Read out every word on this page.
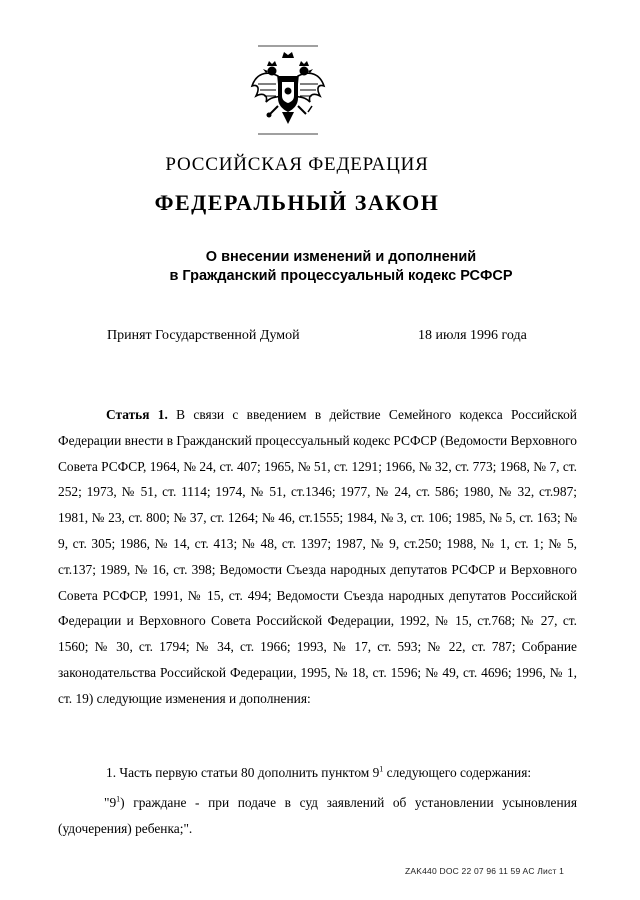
РОССИЙСКАЯ ФЕДЕРАЦИЯ
ФЕДЕРАЛЬНЫЙ ЗАКОН
О внесении изменений и дополнений
в Гражданский процессуальный кодекс РСФСР
Принят Государственной Думой	18 июля 1996 года
Статья 1. В связи с введением в действие Семейного кодекса Российской Федерации внести в Гражданский процессуальный кодекс РСФСР (Ведомости Верховного Совета РСФСР, 1964, № 24, ст. 407; 1965, № 51, ст. 1291; 1966, № 32, ст. 773; 1968, № 7, ст. 252; 1973, № 51, ст. 1114; 1974, № 51, ст.1346; 1977, № 24, ст. 586; 1980, № 32, ст.987; 1981, № 23, ст. 800; № 37, ст. 1264; № 46, ст.1555; 1984, № 3, ст. 106; 1985, № 5, ст. 163; № 9, ст. 305; 1986, № 14, ст. 413; № 48, ст. 1397; 1987, № 9, ст.250; 1988, № 1, ст. 1; № 5, ст.137; 1989, № 16, ст. 398; Ведомости Съезда народных депутатов РСФСР и Верховного Совета РСФСР, 1991, № 15, ст. 494; Ведомости Съезда народных депутатов Российской Федерации и Верховного Совета Российской Федерации, 1992, № 15, ст.768; № 27, ст. 1560; № 30, ст. 1794; № 34, ст. 1966; 1993, № 17, ст. 593; № 22, ст. 787; Собрание законодательства Российской Федерации, 1995, № 18, ст. 1596; № 49, ст. 4696; 1996, № 1, ст. 19) следующие изменения и дополнения:
1. Часть первую статьи 80 дополнить пунктом $9^1$ следующего содержания:
"$9^1$) граждане - при подаче в суд заявлений об установлении усыновления (удочерения) ребенка;".
ZAK440 DOC 22 07 96 11 59 AC Лист 1
